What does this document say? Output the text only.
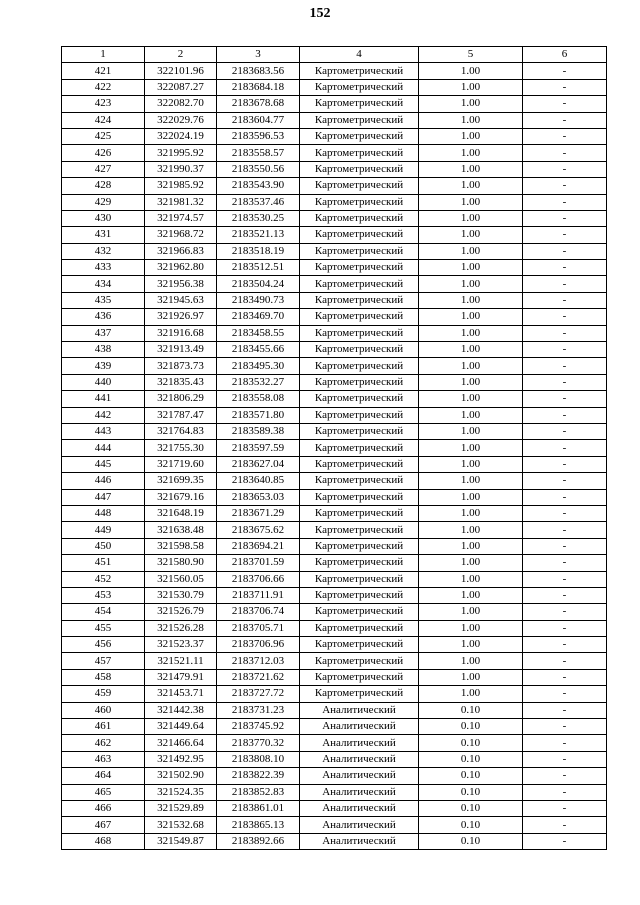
152
1	2	3	4	5	6
421	322101.96	2183683.56	Картометрический	1.00	-
422	322087.27	2183684.18	Картометрический	1.00	-
423	322082.70	2183678.68	Картометрический	1.00	-
424	322029.76	2183604.77	Картометрический	1.00	-
425	322024.19	2183596.53	Картометрический	1.00	-
426	321995.92	2183558.57	Картометрический	1.00	-
427	321990.37	2183550.56	Картометрический	1.00	-
428	321985.92	2183543.90	Картометрический	1.00	-
429	321981.32	2183537.46	Картометрический	1.00	-
430	321974.57	2183530.25	Картометрический	1.00	-
431	321968.72	2183521.13	Картометрический	1.00	-
432	321966.83	2183518.19	Картометрический	1.00	-
433	321962.80	2183512.51	Картометрический	1.00	-
434	321956.38	2183504.24	Картометрический	1.00	-
435	321945.63	2183490.73	Картометрический	1.00	-
436	321926.97	2183469.70	Картометрический	1.00	-
437	321916.68	2183458.55	Картометрический	1.00	-
438	321913.49	2183455.66	Картометрический	1.00	-
439	321873.73	2183495.30	Картометрический	1.00	-
440	321835.43	2183532.27	Картометрический	1.00	-
441	321806.29	2183558.08	Картометрический	1.00	-
442	321787.47	2183571.80	Картометрический	1.00	-
443	321764.83	2183589.38	Картометрический	1.00	-
444	321755.30	2183597.59	Картометрический	1.00	-
445	321719.60	2183627.04	Картометрический	1.00	-
446	321699.35	2183640.85	Картометрический	1.00	-
447	321679.16	2183653.03	Картометрический	1.00	-
448	321648.19	2183671.29	Картометрический	1.00	-
449	321638.48	2183675.62	Картометрический	1.00	-
450	321598.58	2183694.21	Картометрический	1.00	-
451	321580.90	2183701.59	Картометрический	1.00	-
452	321560.05	2183706.66	Картометрический	1.00	-
453	321530.79	2183711.91	Картометрический	1.00	-
454	321526.79	2183706.74	Картометрический	1.00	-
455	321526.28	2183705.71	Картометрический	1.00	-
456	321523.37	2183706.96	Картометрический	1.00	-
457	321521.11	2183712.03	Картометрический	1.00	-
458	321479.91	2183721.62	Картометрический	1.00	-
459	321453.71	2183727.72	Картометрический	1.00	-
460	321442.38	2183731.23	Аналитический	0.10	-
461	321449.64	2183745.92	Аналитический	0.10	-
462	321466.64	2183770.32	Аналитический	0.10	-
463	321492.95	2183808.10	Аналитический	0.10	-
464	321502.90	2183822.39	Аналитический	0.10	-
465	321524.35	2183852.83	Аналитический	0.10	-
466	321529.89	2183861.01	Аналитический	0.10	-
467	321532.68	2183865.13	Аналитический	0.10	-
468	321549.87	2183892.66	Аналитический	0.10	-
